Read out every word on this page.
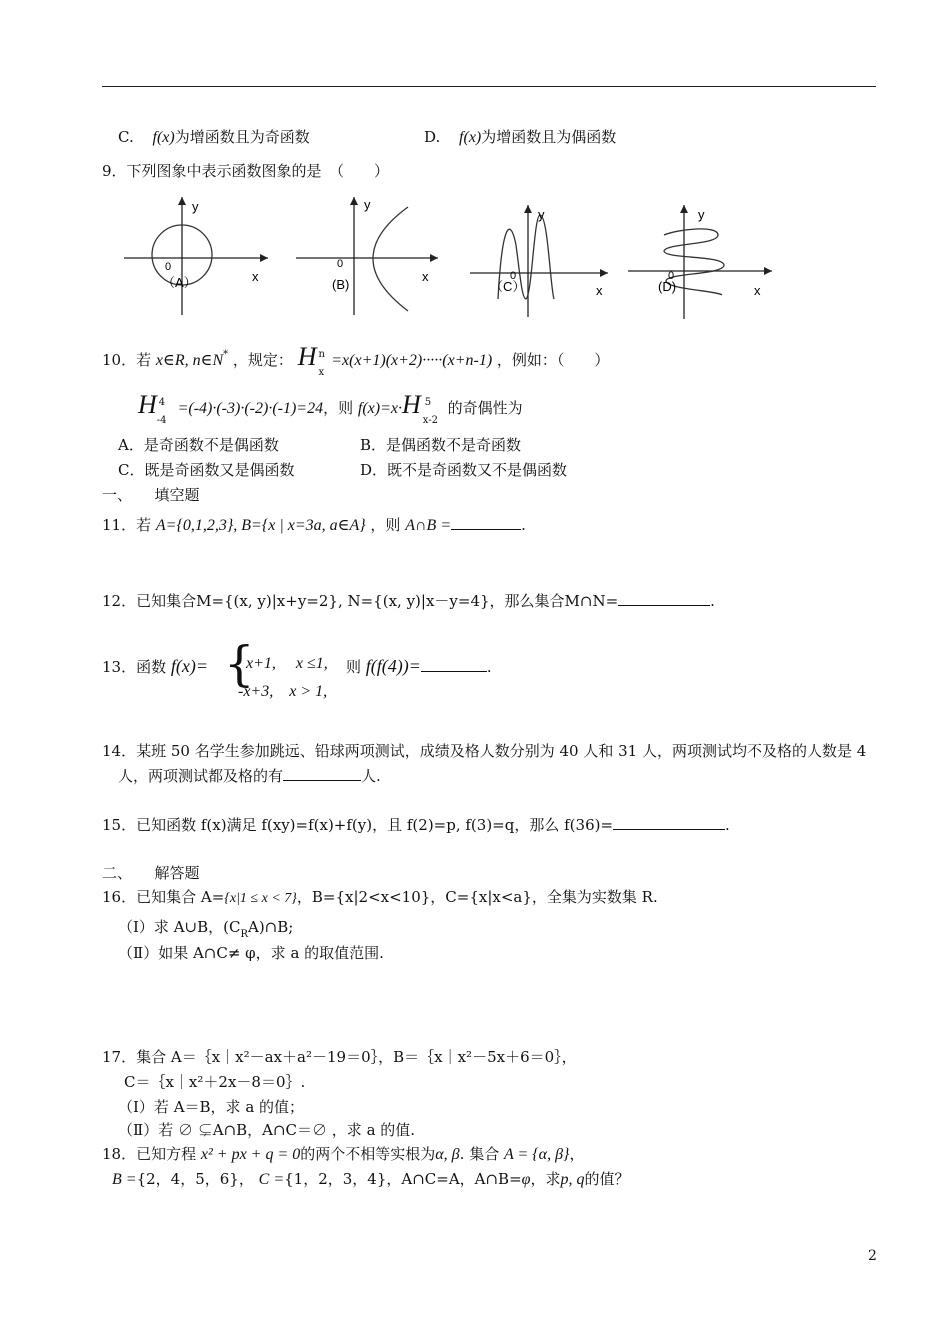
C. f(x)为增函数且为奇函数	D. f(x)为增函数且为偶函数
9．下列图象中表示函数图象的是　（　　）
y
x
0
（A）
y
x
0
(B)
y
x
0
（C）
y
x
0
(D)
10．若 x∈R, n∈N* ，规定： H n
x
=x(x+1)(x+2)·····(x+n-1) ，例如：（　　）
H 4
-4
=(-4)·(-3)·(-2)·(-1)=24，则 f(x)=x·H 5
x-2
的奇偶性为
A．是奇函数不是偶函数	B．是偶函数不是奇函数
C．既是奇函数又是偶函数	D．既不是奇函数又不是偶函数
一、　　填空题
11．若 A={0,1,2,3}, B={x | x=3a, a∈A} ，则 A∩B =	.
12．已知集合M={(x, y)|x+y=2}, N={(x, y)|x－y=4}，那么集合M∩N=	.
13．函数 f(x)= {
x+1,　 x ≤1,
-x+3,　x > 1,
则 f(f(4))=	.
14．某班 50 名学生参加跳远、铅球两项测试，成绩及格人数分别为 40 人和 31 人，两项测试均不及格的人数是 4
人，两项测试都及格的有	人.
15．已知函数 f(x)满足 f(xy)=f(x)+f(y)，且 f(2)=p, f(3)=q，那么 f(36)=	.
二、　　解答题
16．已知集合 A={x|1 ≤ x < 7}，B={x|2<x<10}，C={x|x<a}，全集为实数集 R.
（Ⅰ）求 A∪B，$(C_RA)\cap B$;
（Ⅱ）如果 A∩C≠ φ，求 a 的取值范围.
17．集合 A＝｛x｜x²－ax＋a²－19＝0｝，B＝｛x｜x²－5x＋6＝0｝，
C＝｛x｜x²＋2x－8＝0｝.
（Ⅰ）若 A＝B，求 a 的值；
（Ⅱ）若 ∅ ⊊A∩B，A∩C＝∅ ，求 a 的值.
18．已知方程 x² + px + q = 0的两个不相等实根为α, β. 集合 A = {α, β}，
B ={2，4，5，6}， C ={1，2，3，4}，A∩C=A，A∩B=φ，求p, q的值？
2
